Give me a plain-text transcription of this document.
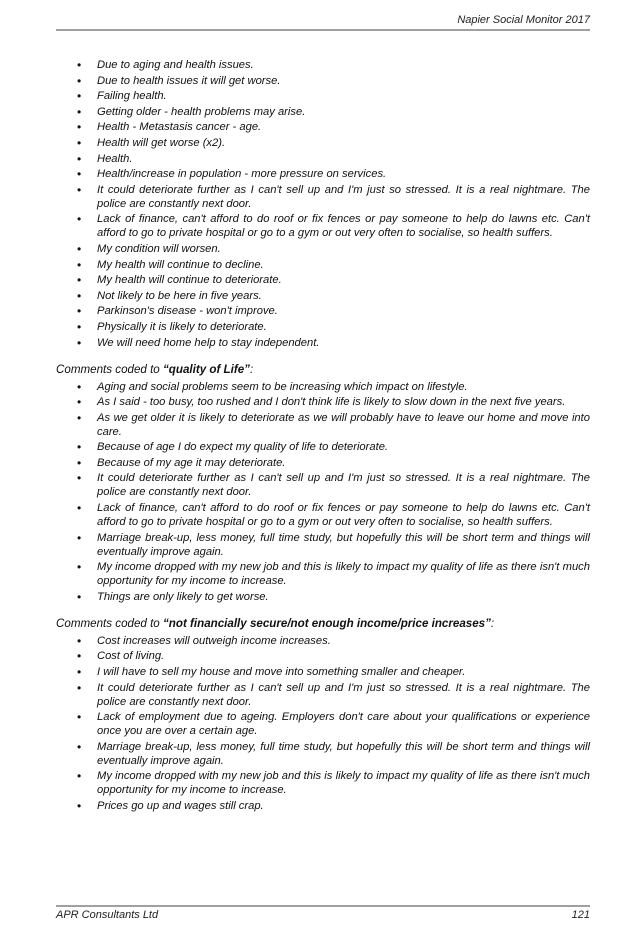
Napier Social Monitor 2017
• Due to aging and health issues.
• Due to health issues it will get worse.
• Failing health.
• Getting older - health problems may arise.
• Health - Metastasis cancer - age.
• Health will get worse (x2).
• Health.
• Health/increase in population - more pressure on services.
• It could deteriorate further as I can't sell up and I'm just so stressed. It is a real nightmare. The police are constantly next door.
• Lack of finance, can't afford to do roof or fix fences or pay someone to help do lawns etc. Can't afford to go to private hospital or go to a gym or out very often to socialise, so health suffers.
• My condition will worsen.
• My health will continue to decline.
• My health will continue to deteriorate.
• Not likely to be here in five years.
• Parkinson's disease - won't improve.
• Physically it is likely to deteriorate.
• We will need home help to stay independent.
Comments coded to “quality of Life”:
• Aging and social problems seem to be increasing which impact on lifestyle.
• As I said - too busy, too rushed and I don't think life is likely to slow down in the next five years.
• As we get older it is likely to deteriorate as we will probably have to leave our home and move into care.
• Because of age I do expect my quality of life to deteriorate.
• Because of my age it may deteriorate.
• It could deteriorate further as I can't sell up and I'm just so stressed. It is a real nightmare. The police are constantly next door.
• Lack of finance, can't afford to do roof or fix fences or pay someone to help do lawns etc. Can't afford to go to private hospital or go to a gym or out very often to socialise, so health suffers.
• Marriage break-up, less money, full time study, but hopefully this will be short term and things will eventually improve again.
• My income dropped with my new job and this is likely to impact my quality of life as there isn't much opportunity for my income to increase.
• Things are only likely to get worse.
Comments coded to “not financially secure/not enough income/price increases”:
• Cost increases will outweigh income increases.
• Cost of living.
• I will have to sell my house and move into something smaller and cheaper.
• It could deteriorate further as I can't sell up and I'm just so stressed. It is a real nightmare. The police are constantly next door.
• Lack of employment due to ageing. Employers don't care about your qualifications or experience once you are over a certain age.
• Marriage break-up, less money, full time study, but hopefully this will be short term and things will eventually improve again.
• My income dropped with my new job and this is likely to impact my quality of life as there isn't much opportunity for my income to increase.
• Prices go up and wages still crap.
APR Consultants Ltd	121
